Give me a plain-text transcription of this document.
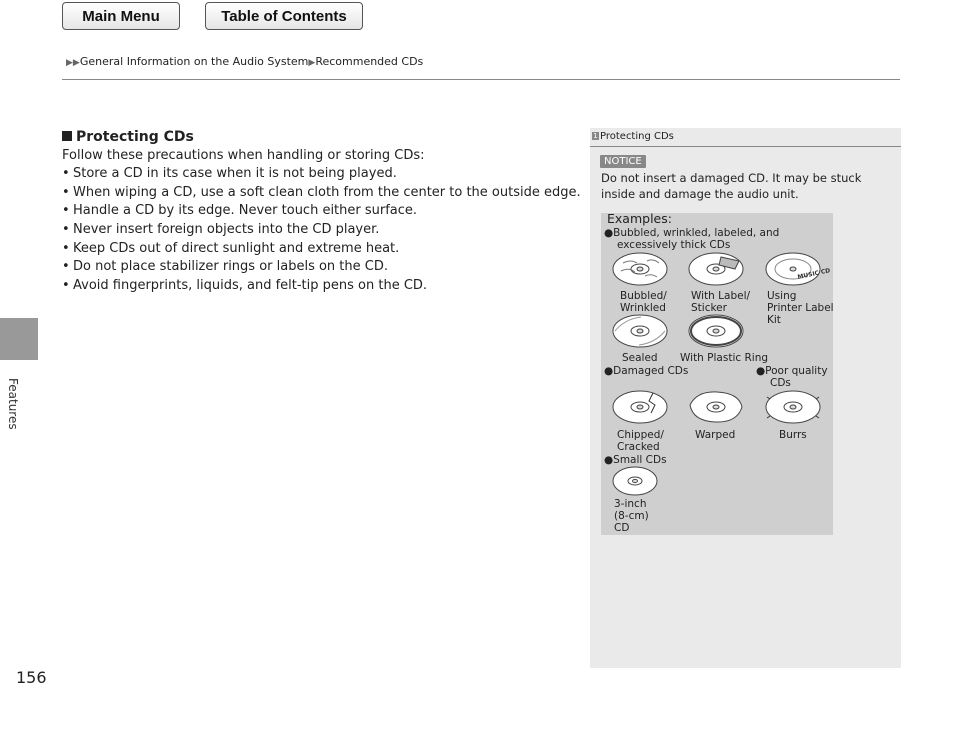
Main Menu	Table of Contents
▶▶General Information on the Audio System▶Recommended CDs
Features
156
Protecting CDs
Follow these precautions when handling or storing CDs:
• Store a CD in its case when it is not being played.
• When wiping a CD, use a soft clean cloth from the center to the outside edge.
• Handle a CD by its edge. Never touch either surface.
• Never insert foreign objects into the CD player.
• Keep CDs out of direct sunlight and extreme heat.
• Do not place stabilizer rings or labels on the CD.
• Avoid fingerprints, liquids, and felt-tip pens on the CD.
1 Protecting CDs
NOTICE
Do not insert a damaged CD. It may be stuck inside and damage the audio unit.
Examples:
●Bubbled, wrinkled, labeled, and
excessively thick CDs
MUSIC CD
Bubbled/
Wrinkled
With Label/
Sticker
Using
Printer Label
Kit
Sealed With Plastic Ring
●Damaged CDs	●Poor quality
CDs
Chipped/
Cracked
Warped	Burrs
●Small CDs
3-inch
(8-cm)
CD
